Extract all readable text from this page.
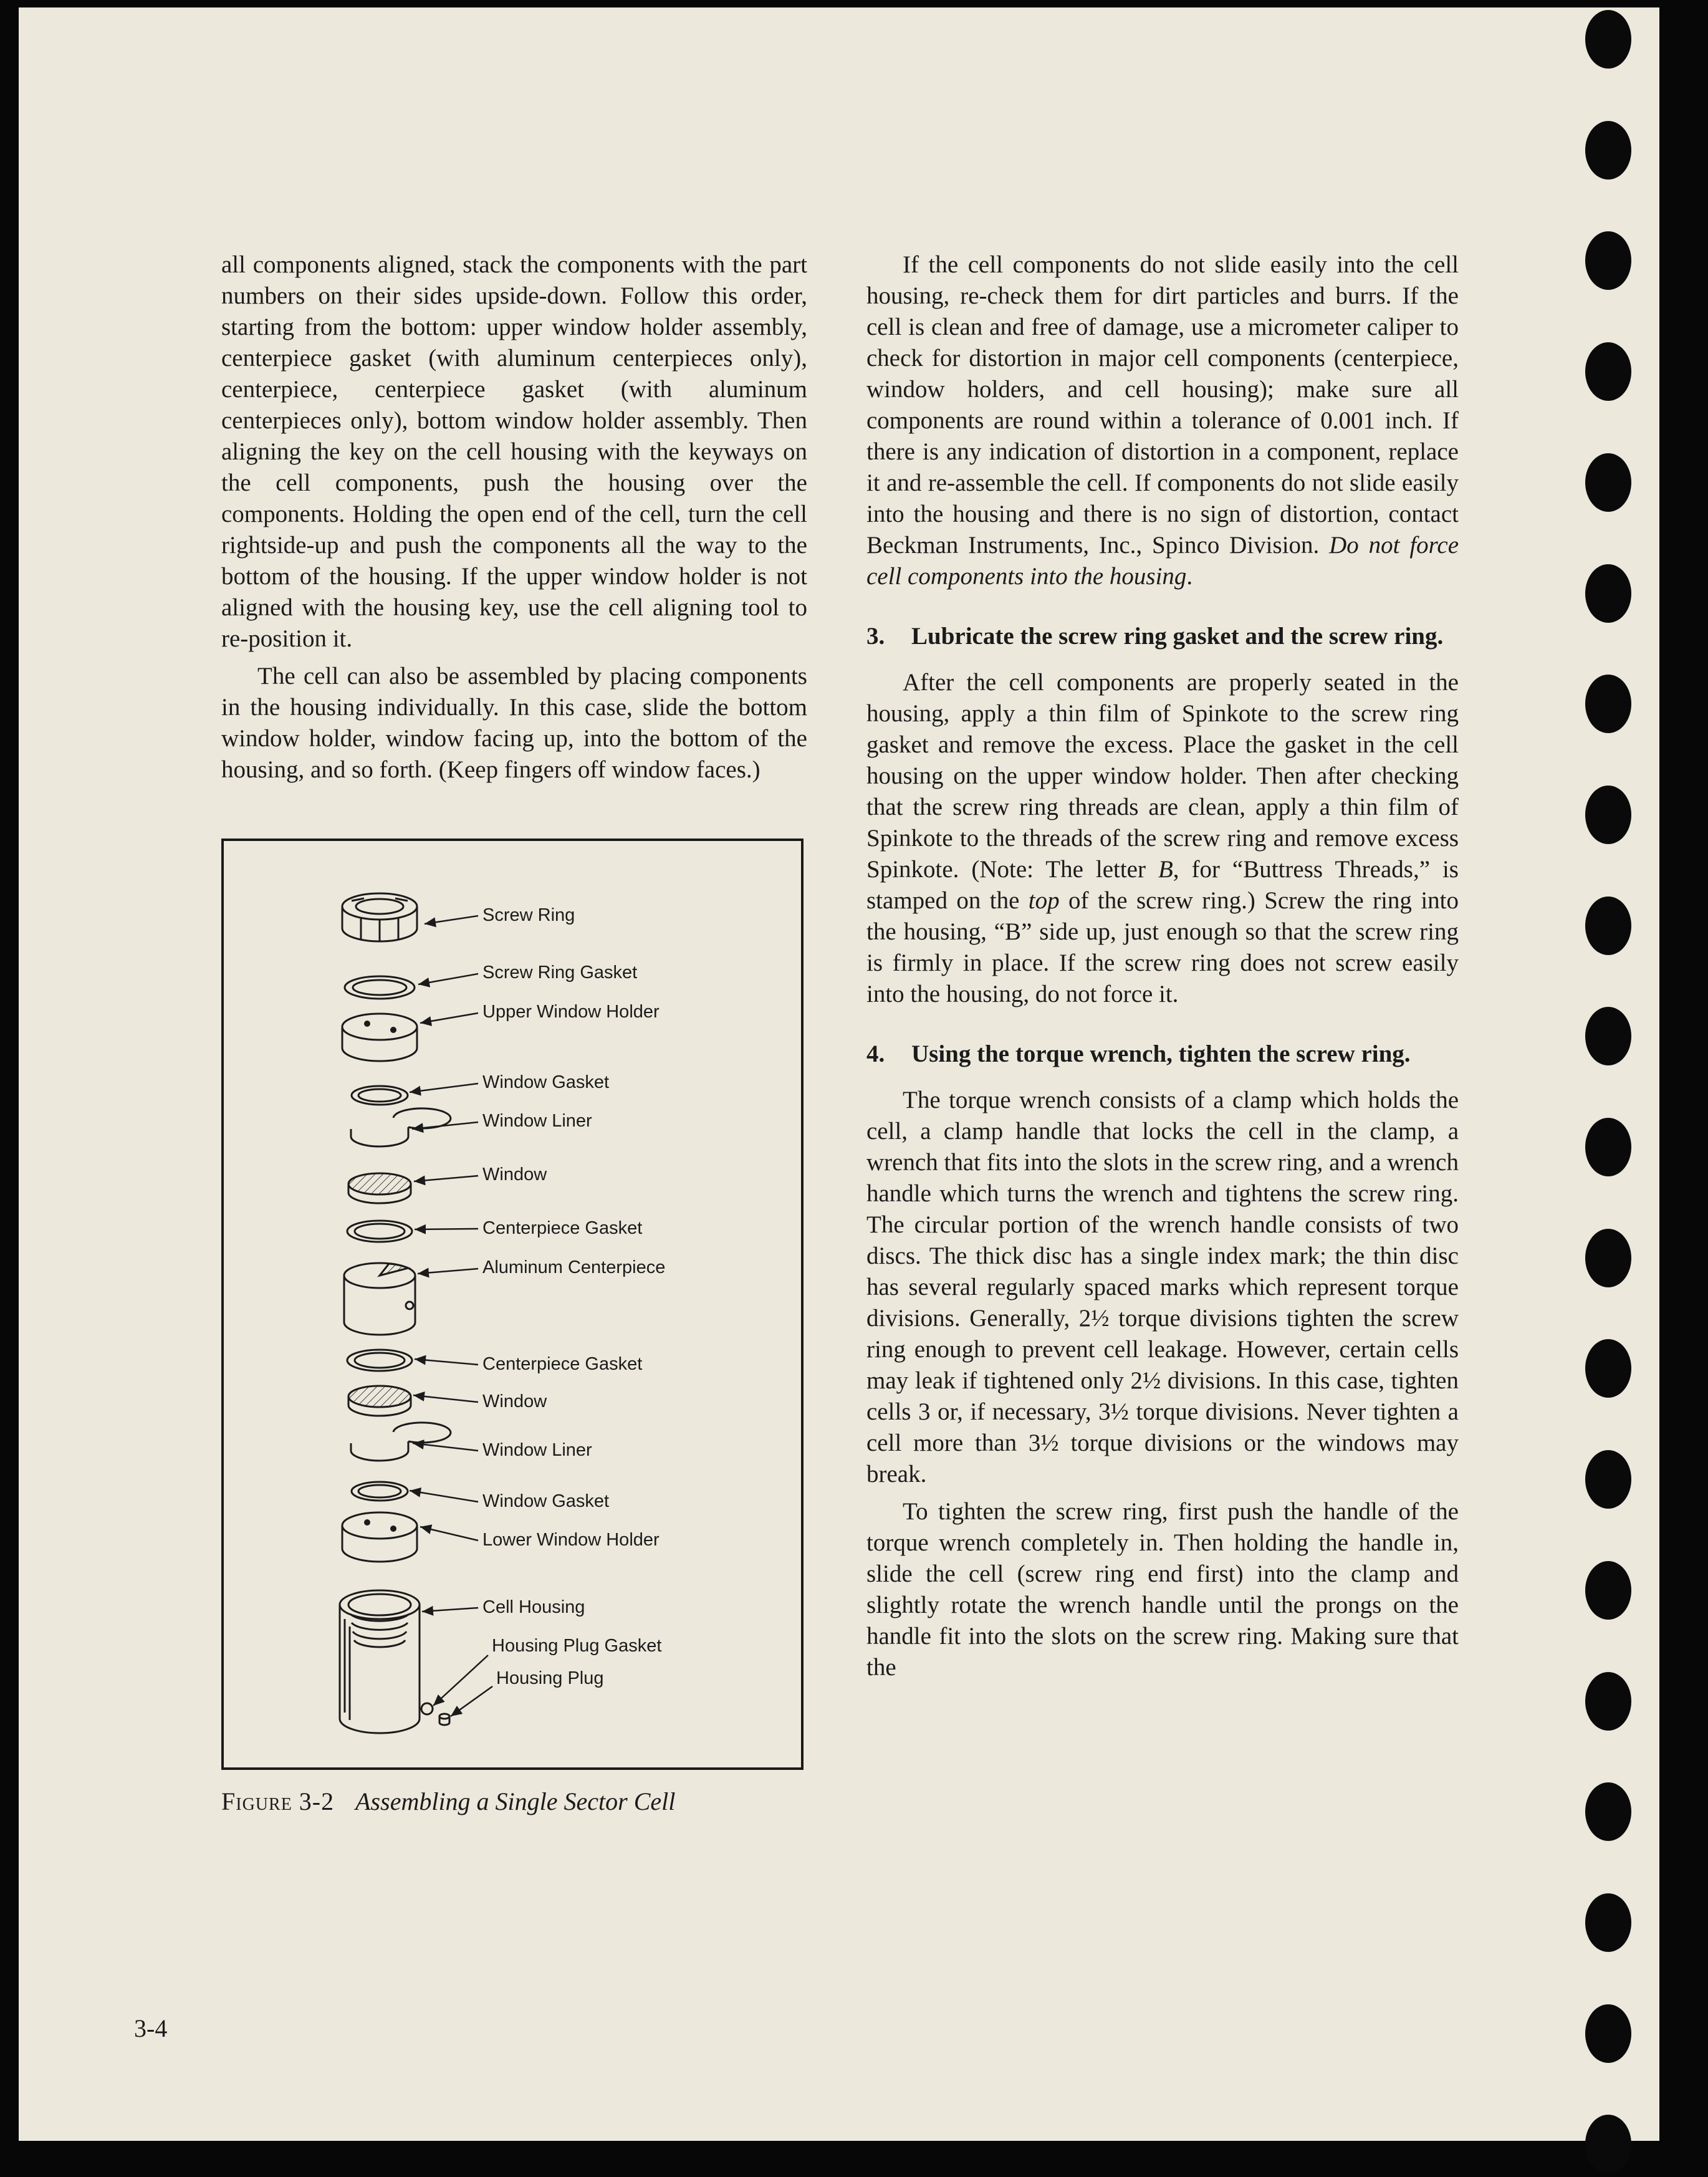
all components aligned, stack the components with the part numbers on their sides upside-down. Follow this order, starting from the bottom: upper window holder assembly, centerpiece gasket (with aluminum centerpieces only), centerpiece, centerpiece gasket (with aluminum centerpieces only), bottom window holder assembly. Then aligning the key on the cell housing with the keyways on the cell components, push the housing over the components. Holding the open end of the cell, turn the cell rightside-up and push the components all the way to the bottom of the housing. If the upper window holder is not aligned with the housing key, use the cell aligning tool to re-position it.

The cell can also be assembled by placing components in the housing individually. In this case, slide the bottom window holder, window facing up, into the bottom of the housing, and so forth. (Keep fingers off window faces.)

Screw Ring
Screw Ring Gasket
Upper Window Holder
Window Gasket
Window Liner
Window
Centerpiece Gasket
Aluminum Centerpiece
Centerpiece Gasket
Window
Window Liner
Window Gasket
Lower Window Holder
Cell Housing
Housing Plug Gasket
Housing Plug
Figure 3-2 Assembling a Single Sector Cell

If the cell components do not slide easily into the cell housing, re-check them for dirt particles and burrs. If the cell is clean and free of damage, use a micrometer caliper to check for distortion in major cell components (centerpiece, window holders, and cell housing); make sure all components are round within a tolerance of 0.001 inch. If there is any indication of distortion in a component, replace it and re-assemble the cell. If components do not slide easily into the housing and there is no sign of distortion, contact Beckman Instruments, Inc., Spinco Division. Do not force cell components into the housing.

3.	Lubricate the screw ring gasket and the screw ring.

After the cell components are properly seated in the housing, apply a thin film of Spinkote to the screw ring gasket and remove the excess. Place the gasket in the cell housing on the upper window holder. Then after checking that the screw ring threads are clean, apply a thin film of Spinkote to the threads of the screw ring and remove excess Spinkote. (Note: The letter B, for “Buttress Threads,” is stamped on the top of the screw ring.) Screw the ring into the housing, “B” side up, just enough so that the screw ring is firmly in place. If the screw ring does not screw easily into the housing, do not force it.

4.	Using the torque wrench, tighten the screw ring.

The torque wrench consists of a clamp which holds the cell, a clamp handle that locks the cell in the clamp, a wrench that fits into the slots in the screw ring, and a wrench handle which turns the wrench and tightens the screw ring. The circular portion of the wrench handle consists of two discs. The thick disc has a single index mark; the thin disc has several regularly spaced marks which represent torque divisions. Generally, 2½ torque divisions tighten the screw ring enough to prevent cell leakage. However, certain cells may leak if tightened only 2½ divisions. In this case, tighten cells 3 or, if necessary, 3½ torque divisions. Never tighten a cell more than 3½ torque divisions or the windows may break.

To tighten the screw ring, first push the handle of the torque wrench completely in. Then holding the handle in, slide the cell (screw ring end first) into the clamp and slightly rotate the wrench handle until the prongs on the handle fit into the slots on the screw ring. Making sure that the

3-4
